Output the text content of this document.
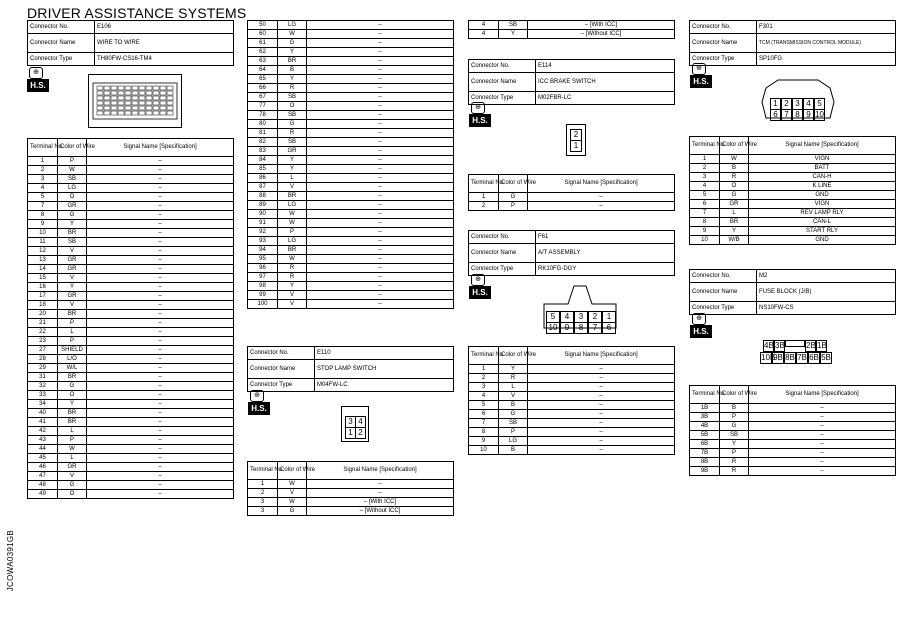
DRIVER ASSISTANCE SYSTEMS
JCOWA0391GB
Connector No.	E106
Connector Name	WIRE TO WIRE
Connector Type	TH80FW-CS16-TM4
⊕
H.S.
Terminal No.	Color of Wire	Signal Name [Specification]
1	P	–
2	W	–
3	SB	–
4	LG	–
5	O	–
7	GR	–
8	G	–
9	Y	–
10	BR	–
11	SB	–
12	V	–
13	GR	–
14	GR	–
15	V	–
16	Y	–
17	GR	–
18	V	–
20	BR	–
21	P	–
22	L	–
23	P	–
27	SHIELD	–
28	L/O	–
29	W/L	–
31	BR	–
32	G	–
33	O	–
34	Y	–
40	BR	–
41	BR	–
42	L	–
43	P	–
44	W	–
45	L	–
46	GR	–
47	V	–
48	G	–
49	O	–
50	LG	–
60	W	–
61	G	–
62	Y	–
63	BR	–
64	B	–
65	Y	–
66	R	–
67	SB	–
77	O	–
78	SB	–
80	G	–
81	R	–
82	SB	–
83	GR	–
84	Y	–
85	Y	–
86	L	–
87	V	–
88	BR	–
89	LG	–
90	W	–
91	W	–
92	P	–
93	LG	–
94	BR	–
95	W	–
96	R	–
97	R	–
98	Y	–
99	V	–
100	V	–
Connector No.	E110
Connector Name	STOP LAMP SWITCH
Connector Type	M04FW-LC
⊕
H.S.
3 4
1 2
Terminal No.	Color of Wire	Signal Name [Specification]
1	W	–
2	V	–
3	W	– [With ICC]
3	G	– [Without ICC]
4	SB	– [With ICC]
4	Y	– [Without ICC]
Connector No.	E114
Connector Name	ICC BRAKE SWITCH
Connector Type	M02FBR-LC
⊕
H.S.
2
1
Terminal No.	Color of Wire	Signal Name [Specification]
1	G	–
2	P	–
Connector No.	F61
Connector Name	A/T ASSEMBLY
Connector Type	RK10FG-DGY
⊕
H.S.
5 4 3 2 1
10 9 8 7 6
Terminal No.	Color of Wire	Signal Name [Specification]
1	Y	–
2	R	–
3	L	–
4	V	–
5	B	–
6	G	–
7	SB	–
8	P	–
9	LG	–
10	B	–
Connector No.	F301
Connector Name	TCM (TRANSMISSION CONTROL MODULE)
Connector Type	SP10FG
⊕
H.S.
1 2 3 4 5
6 7 8 9 10
Terminal No.	Color of Wire	Signal Name [Specification]
1	W	VIGN
2	B	BATT
3	R	CAN-H
4	O	K LINE
5	G	GND
6	GR	VIGN
7	L	REV LAMP RLY
8	BR	CAN-L
9	Y	START RLY
10	W/B	GND
Connector No.	M2
Connector Name	FUSE BLOCK (J/B)
Connector Type	NS10FW-CS
⊕
H.S.
4B3B	2B1B
10B9B 8B 7B 6B 5B
Terminal No.	Color of Wire	Signal Name [Specification]
1B	B	–
3B	P	–
4B	G	–
5B	SB	–
6B	Y	–
7B	P	–
8B	R	–
9B	R	–
